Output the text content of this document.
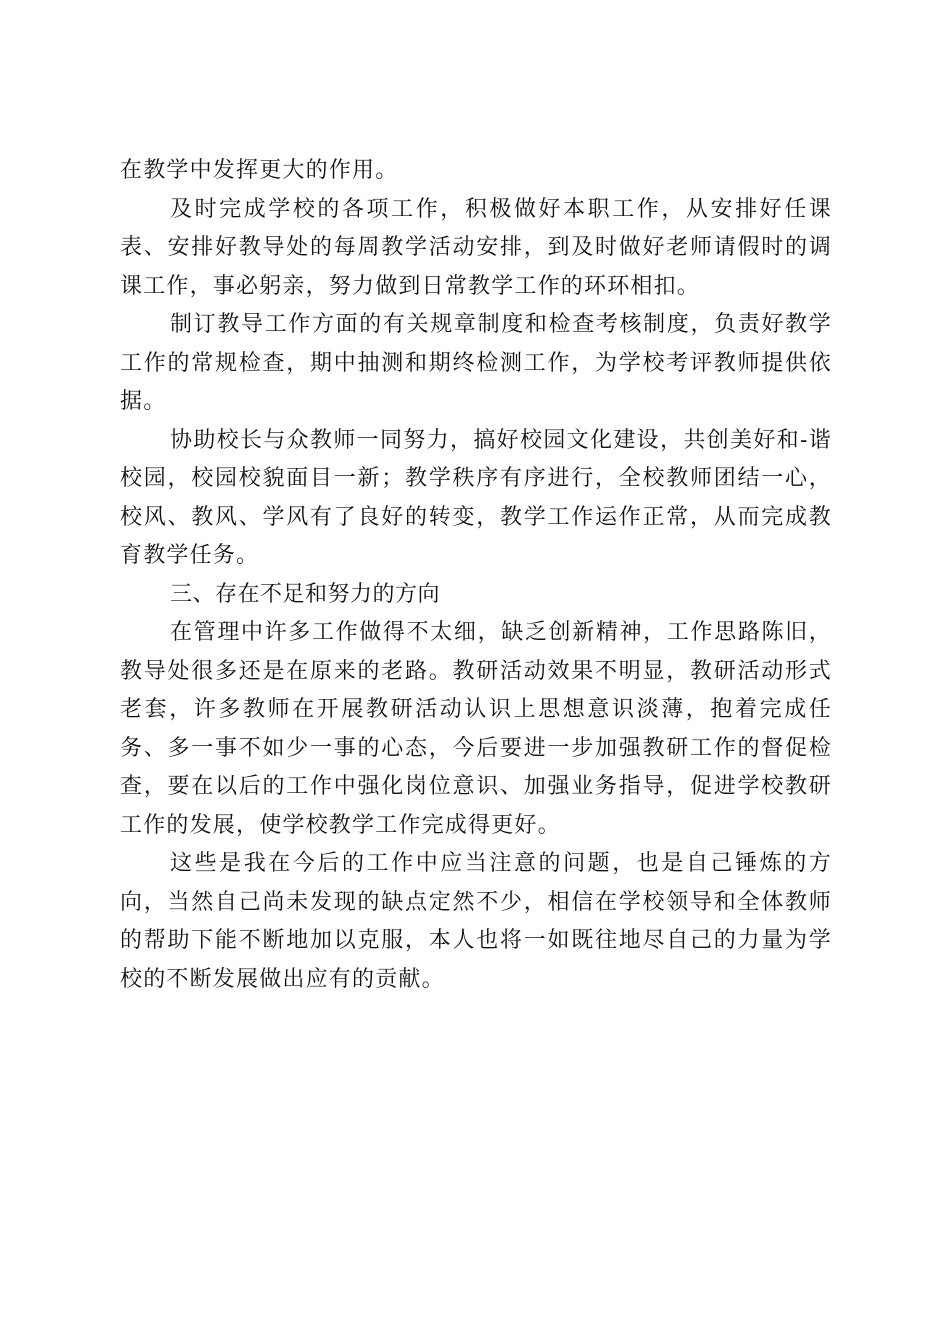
在教学中发挥更大的作用。

及时完成学校的各项工作，积极做好本职工作，从安排好任课表、安排好教导处的每周教学活动安排，到及时做好老师请假时的调课工作，事必躬亲，努力做到日常教学工作的环环相扣。

制订教导工作方面的有关规章制度和检查考核制度，负责好教学工作的常规检查，期中抽测和期终检测工作，为学校考评教师提供依据。

协助校长与众教师一同努力，搞好校园文化建设，共创美好和-谐校园，校园校貌面目一新；教学秩序有序进行，全校教师团结一心，校风、教风、学风有了良好的转变，教学工作运作正常，从而完成教育教学任务。

三、存在不足和努力的方向

在管理中许多工作做得不太细，缺乏创新精神，工作思路陈旧，教导处很多还是在原来的老路。教研活动效果不明显，教研活动形式老套，许多教师在开展教研活动认识上思想意识淡薄，抱着完成任务、多一事不如少一事的心态，今后要进一步加强教研工作的督促检查，要在以后的工作中强化岗位意识、加强业务指导，促进学校教研工作的发展，使学校教学工作完成得更好。

这些是我在今后的工作中应当注意的问题，也是自己锤炼的方向，当然自己尚未发现的缺点定然不少，相信在学校领导和全体教师的帮助下能不断地加以克服，本人也将一如既往地尽自己的力量为学校的不断发展做出应有的贡献。
